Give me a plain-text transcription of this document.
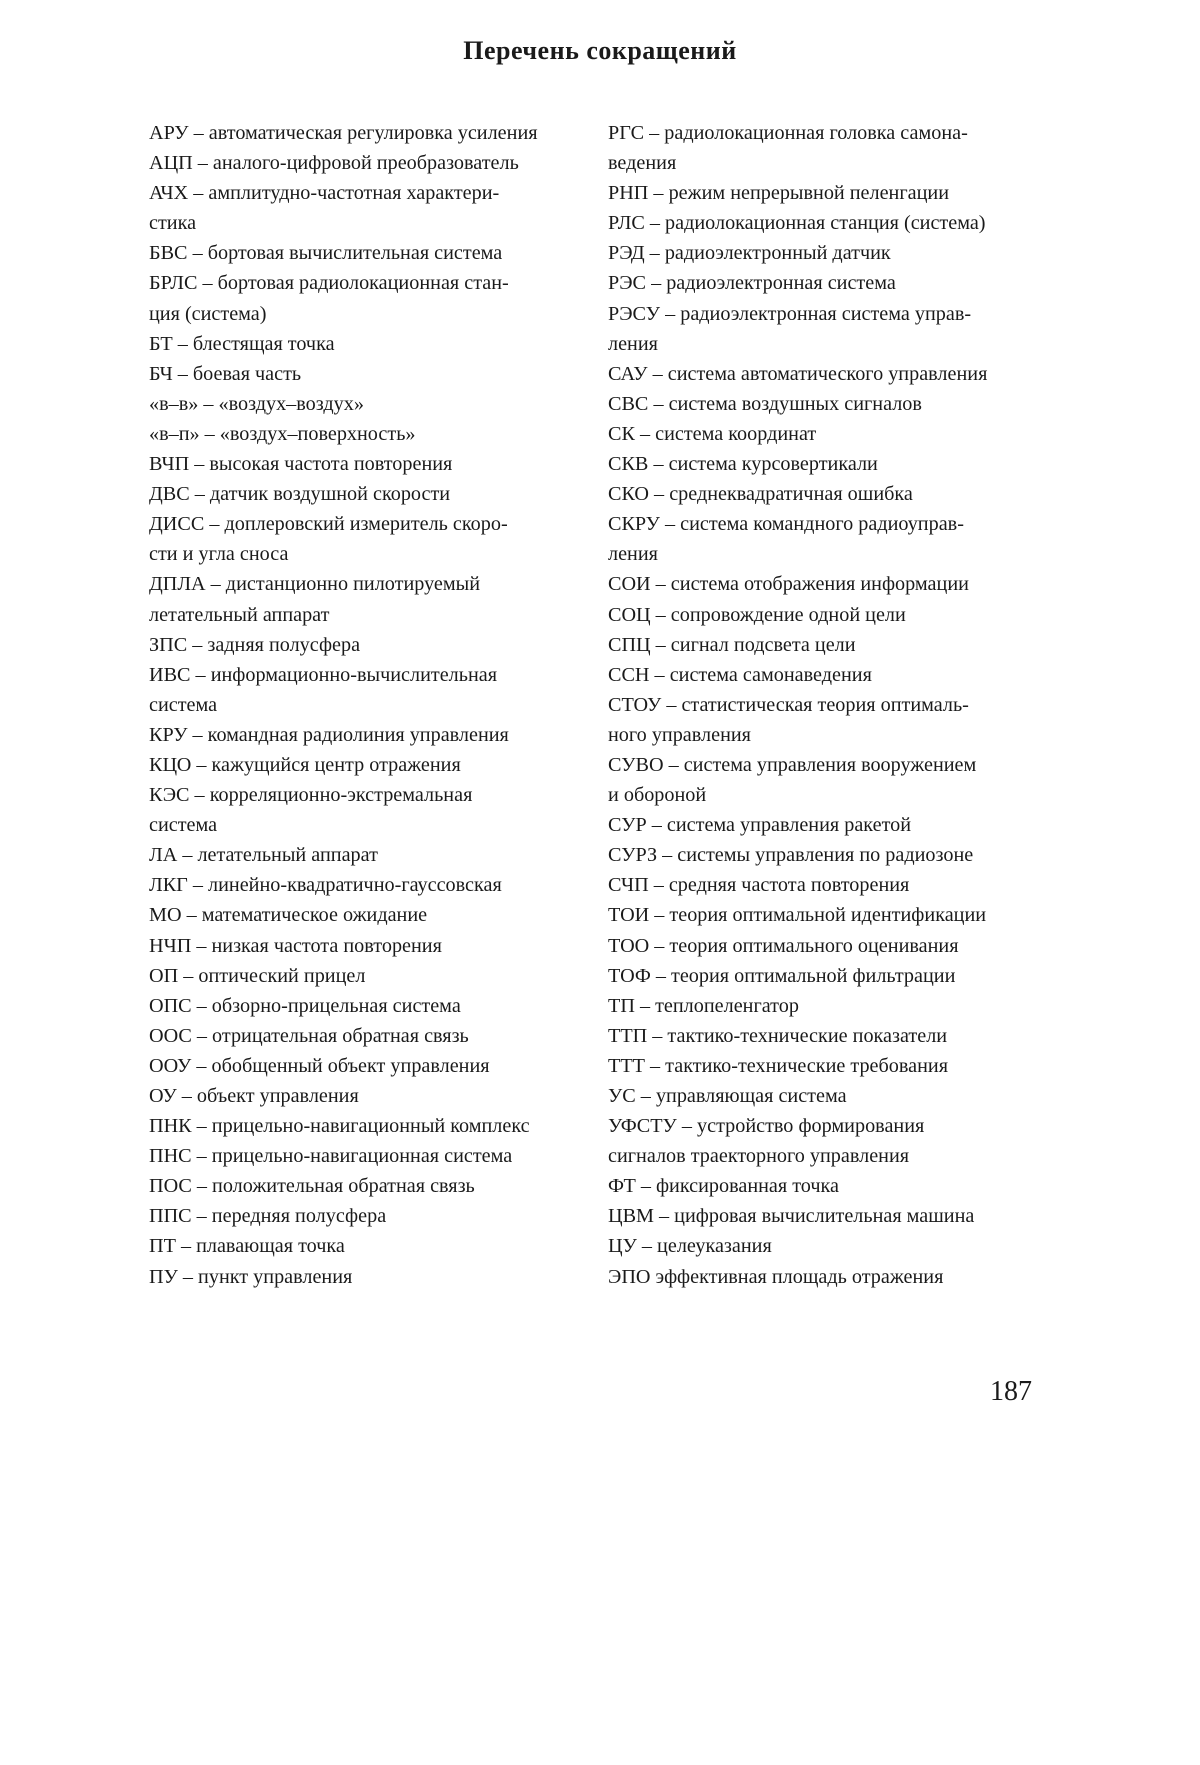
Перечень сокращений
АРУ – автоматическая регулировка усиления
АЦП – аналого-цифровой преобразователь
АЧХ – амплитудно-частотная характери-
стика
БВС – бортовая вычислительная система
БРЛС – бортовая радиолокационная стан-
ция (система)
БТ – блестящая точка
БЧ – боевая часть
«в–в» – «воздух–воздух»
«в–п» – «воздух–поверхность»
ВЧП – высокая частота повторения
ДВС – датчик воздушной скорости
ДИСС – доплеровский измеритель скоро-
сти и угла сноса
ДПЛА – дистанционно пилотируемый
летательный аппарат
ЗПС – задняя полусфера
ИВС – информационно-вычислительная
система
КРУ – командная радиолиния управления
КЦО – кажущийся центр отражения
КЭС – корреляционно-экстремальная
система
ЛА – летательный аппарат
ЛКГ – линейно-квадратично-гауссовская
МО – математическое ожидание
НЧП – низкая частота повторения
ОП – оптический прицел
ОПС – обзорно-прицельная система
ООС – отрицательная обратная связь
ООУ – обобщенный объект управления
ОУ – объект управления
ПНК – прицельно-навигационный комплекс
ПНС – прицельно-навигационная система
ПОС – положительная обратная связь
ППС – передняя полусфера
ПТ – плавающая точка
ПУ – пункт управления
РГС – радиолокационная головка самона-
ведения
РНП – режим непрерывной пеленгации
РЛС – радиолокационная станция (система)
РЭД – радиоэлектронный датчик
РЭС – радиоэлектронная система
РЭСУ – радиоэлектронная система управ-
ления
САУ – система автоматического управления
СВС – система воздушных сигналов
СК – система координат
СКВ – система курсовертикали
СКО – среднеквадратичная ошибка
СКРУ – система командного радиоуправ-
ления
СОИ – система отображения информации
СОЦ – сопровождение одной цели
СПЦ – сигнал подсвета цели
ССН – система самонаведения
СТОУ – статистическая теория оптималь-
ного управления
СУВО – система управления вооружением
и обороной
СУР – система управления ракетой
СУРЗ – системы управления по радиозоне
СЧП – средняя частота повторения
ТОИ – теория оптимальной идентификации
ТОО – теория оптимального оценивания
ТОФ – теория оптимальной фильтрации
ТП – теплопеленгатор
ТТП – тактико-технические показатели
ТТТ – тактико-технические требования
УС – управляющая система
УФСТУ – устройство формирования
сигналов траекторного управления
ФТ – фиксированная точка
ЦВМ – цифровая вычислительная машина
ЦУ – целеуказания
ЭПО эффективная площадь отражения
187
